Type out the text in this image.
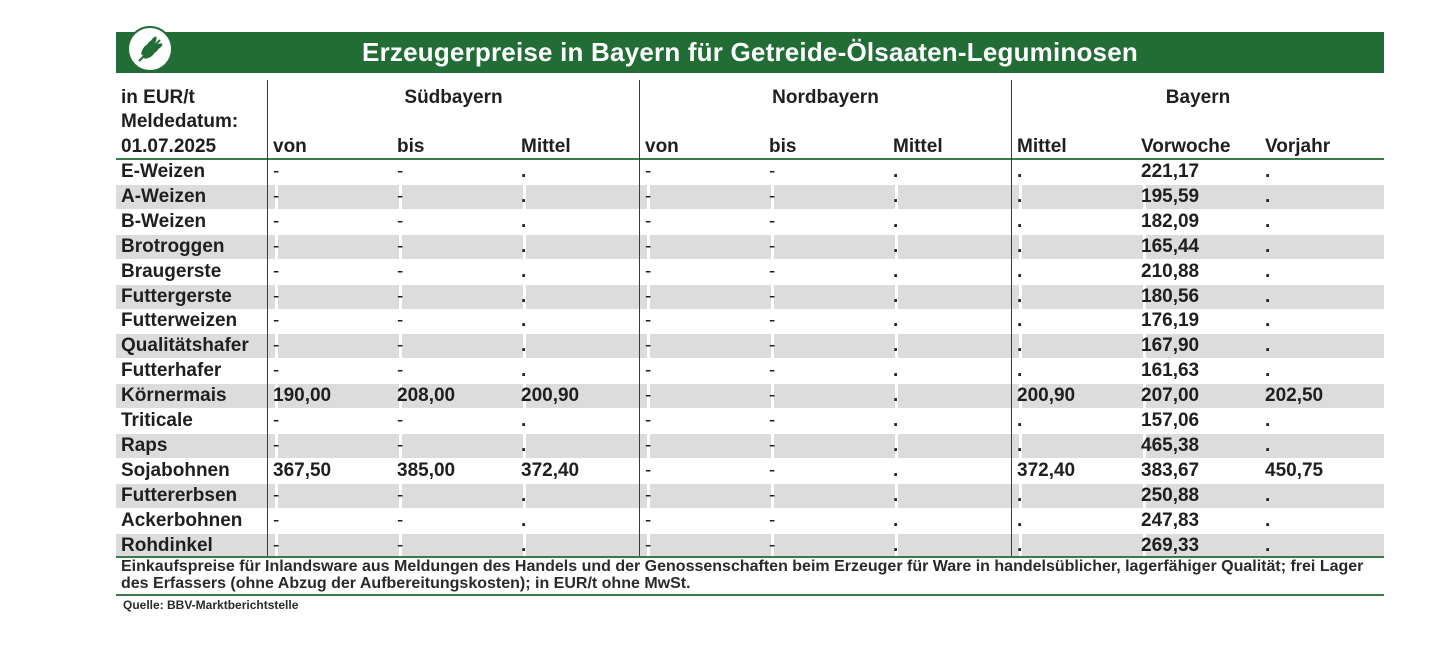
Erzeugerpreise in Bayern für Getreide-Ölsaaten-Leguminosen
in EUR/t
Meldedatum:
01.07.2025
Südbayern	Nordbayern	Bayern
von	bis	Mittel	von	bis	Mittel	Mittel	Vorwoche Vorjahr
E-Weizen	-	-	.	-	-	.	.	221,17	.
A-Weizen	-	-	.	-	-	.	.	195,59	.
B-Weizen	-	-	.	-	-	.	.	182,09	.
Brotroggen	-	-	.	-	-	.	.	165,44	.
Braugerste	-	-	.	-	-	.	.	210,88	.
Futtergerste -	-	.	-	-	.	.	180,56	.
Futterweizen -	-	.	-	-	.	.	176,19	.
Qualitätshafer -	-	.	-	-	.	.	167,90	.
Futterhafer	-	-	.	-	-	.	.	161,63	.
Körnermais 190,00	208,00	200,90	-	-	.	200,90	207,00	202,50
Triticale	-	-	.	-	-	.	.	157,06	.
Raps	-	-	.	-	-	.	.	465,38	.
Sojabohnen 367,50	385,00	372,40	-	-	.	372,40	383,67	450,75
Futtererbsen -	-	.	-	-	.	.	250,88	.
Ackerbohnen -	-	.	-	-	.	.	247,83	.
Rohdinkel	-	-	.	-	-	.	.	269,33	.
Einkaufspreise für Inlandsware aus Meldungen des Handels und der Genossenschaften beim Erzeuger für Ware in handelsüblicher, lagerfähiger Qualität; frei Lager des Erfassers (ohne Abzug der Aufbereitungskosten); in EUR/t ohne MwSt.
Quelle: BBV-Marktberichtstelle
